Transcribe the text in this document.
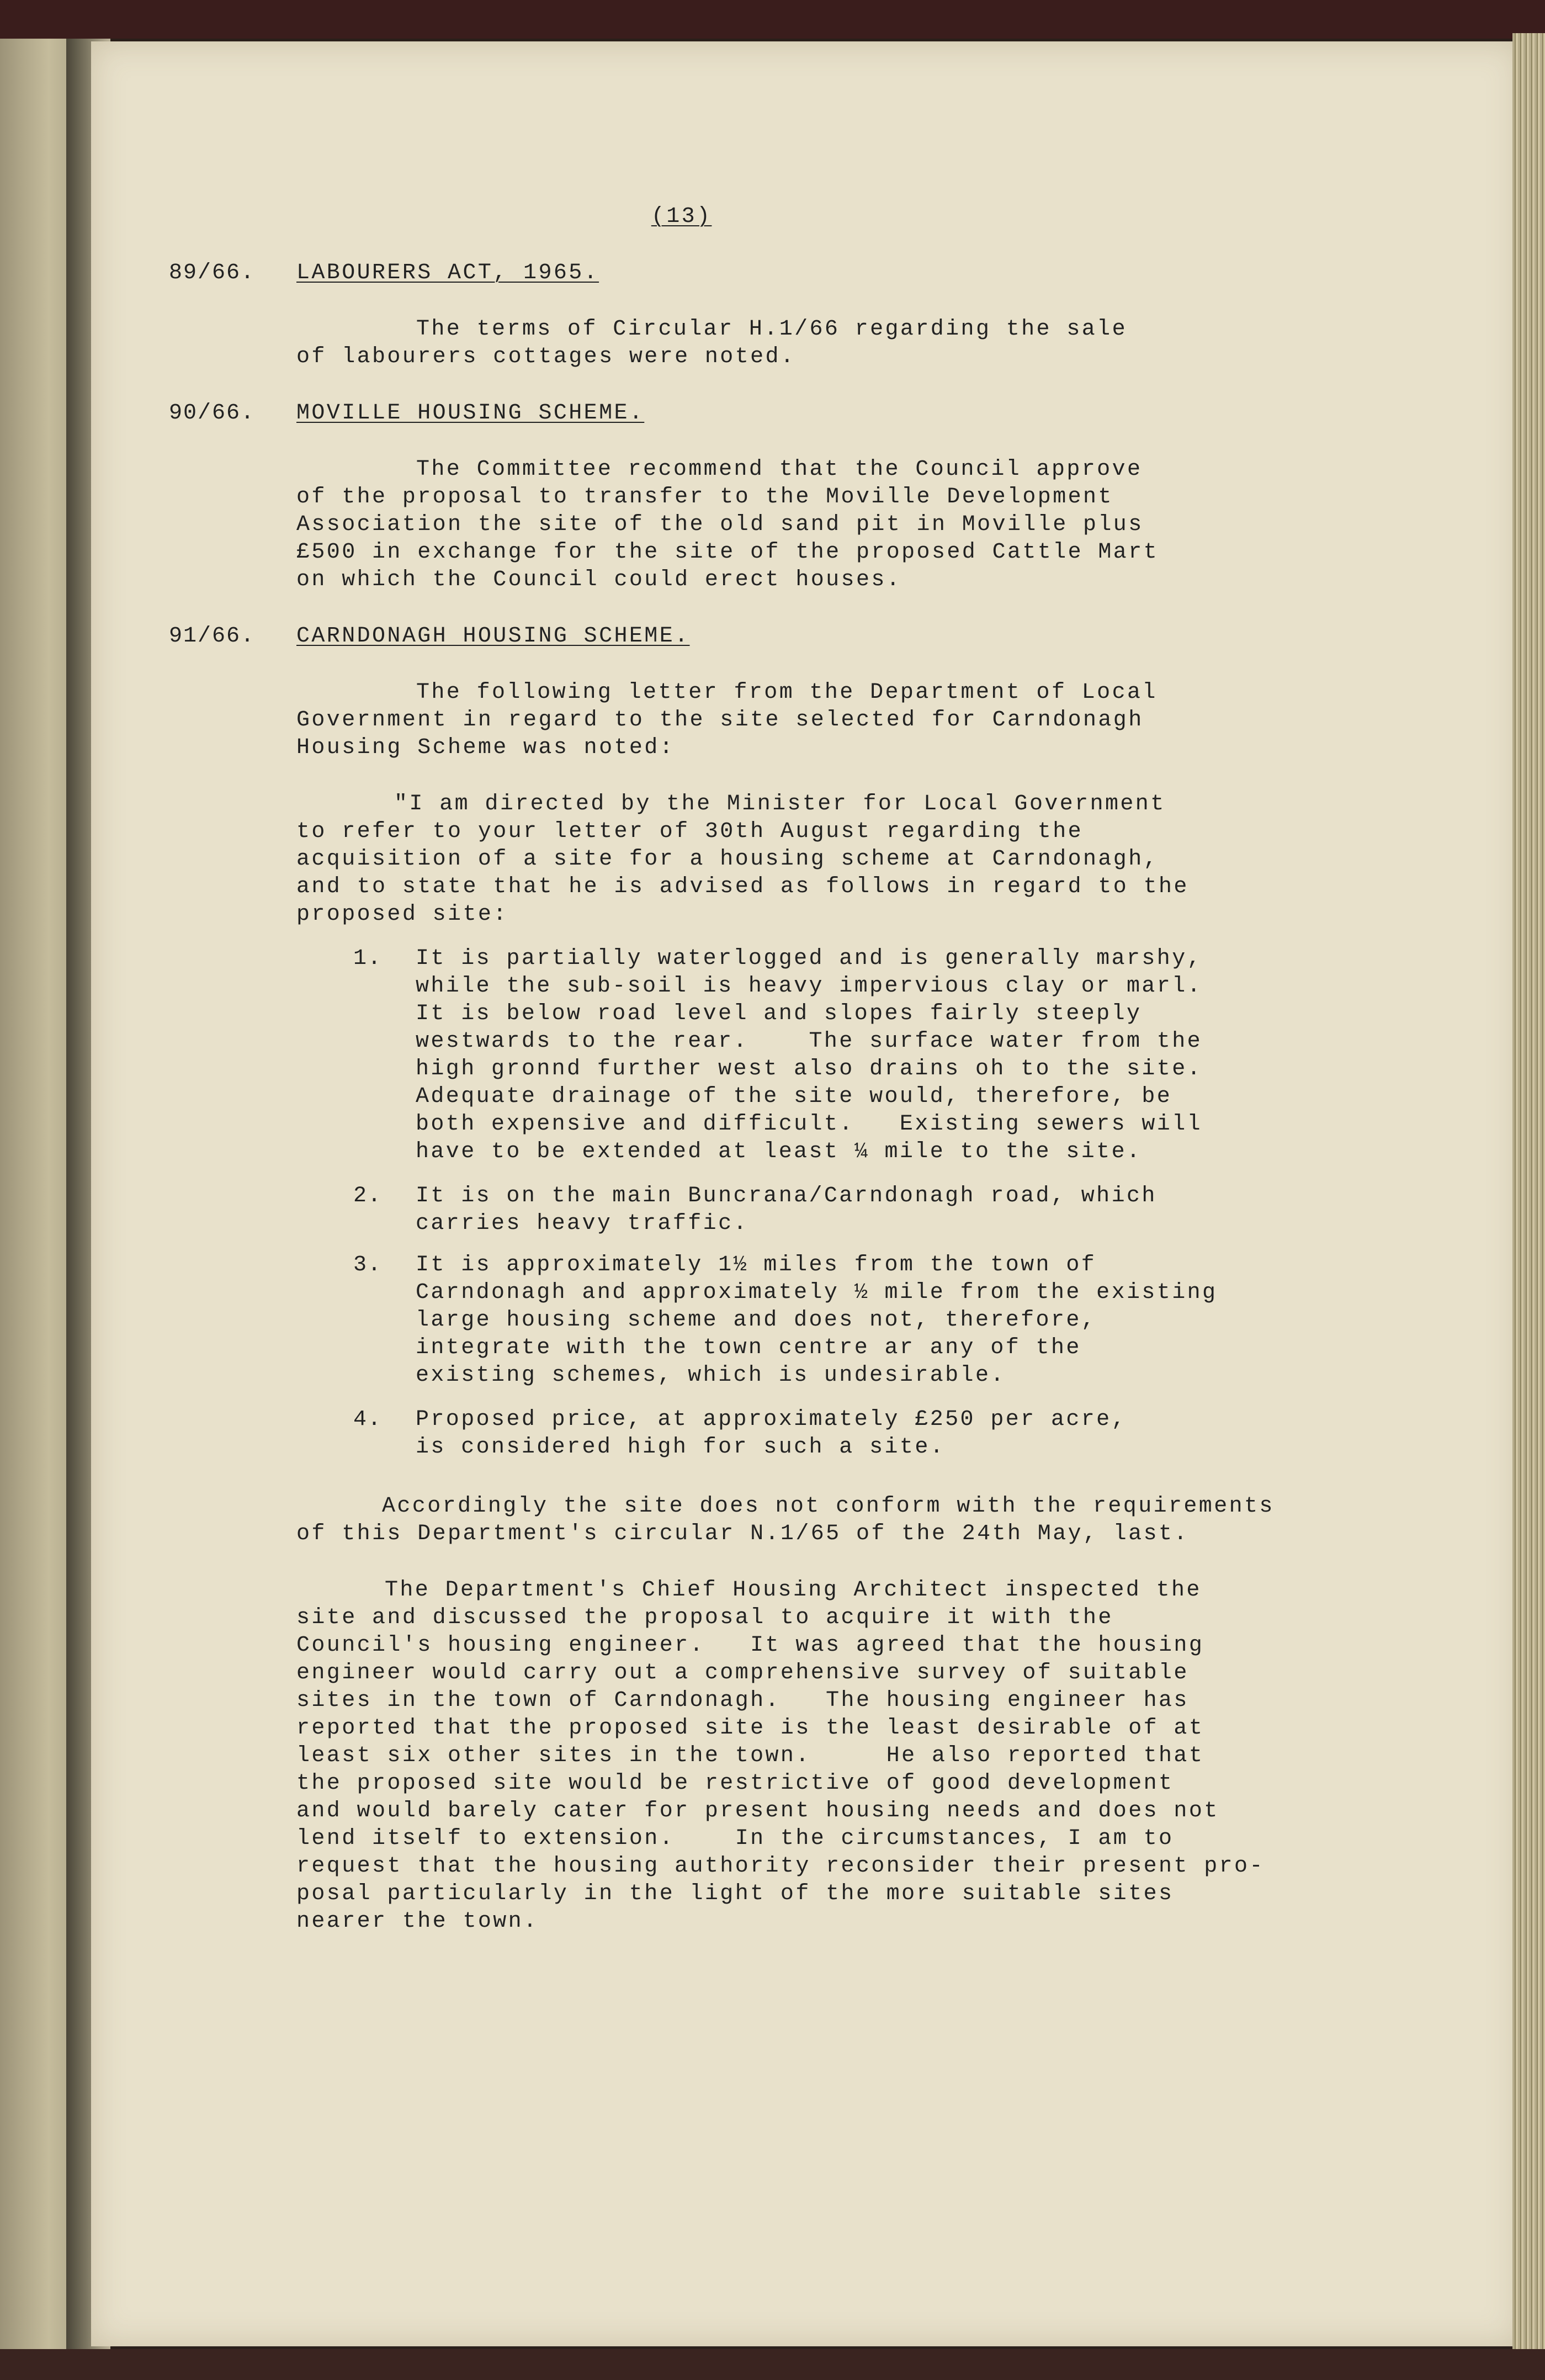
(13)

89/66. LABOURERS ACT, 1965.
The terms of Circular H.1/66 regarding the sale
of labourers cottages were noted.
90/66. MOVILLE HOUSING SCHEME.
The Committee recommend that the Council approve
of the proposal to transfer to the Moville Development
Association the site of the old sand pit in Moville plus
£500 in exchange for the site of the proposed Cattle Mart
on which the Council could erect houses.
91/66. CARNDONAGH HOUSING SCHEME.
The following letter from the Department of Local
Government in regard to the site selected for Carndonagh
Housing Scheme was noted:
"I am directed by the Minister for Local Government
to refer to your letter of 30th August regarding the
acquisition of a site for a housing scheme at Carndonagh,
and to state that he is advised as follows in regard to the
proposed site:
1. It is partially waterlogged and is generally marshy,
while the sub-soil is heavy impervious clay or marl.
It is below road level and slopes fairly steeply
westwards to the rear.    The surface water from the
high gronnd further west also drains oh to the site.
Adequate drainage of the site would, therefore, be
both expensive and difficult.   Existing sewers will
have to be extended at least ¼ mile to the site.
2. It is on the main Buncrana/Carndonagh road, which
carries heavy traffic.
3. It is approximately 1½ miles from the town of
Carndonagh and approximately ½ mile from the existing
large housing scheme and does not, therefore,
integrate with the town centre ar any of the
existing schemes, which is undesirable.
4. Proposed price, at approximately £250 per acre,
is considered high for such a site.
Accordingly the site does not conform with the requirements
of this Department's circular N.1/65 of the 24th May, last.
The Department's Chief Housing Architect inspected the
site and discussed the proposal to acquire it with the
Council's housing engineer.   It was agreed that the housing
engineer would carry out a comprehensive survey of suitable
sites in the town of Carndonagh.   The housing engineer has
reported that the proposed site is the least desirable of at
least six other sites in the town.     He also reported that
the proposed site would be restrictive of good development
and would barely cater for present housing needs and does not
lend itself to extension.    In the circumstances, I am to
request that the housing authority reconsider their present pro-
posal particularly in the light of the more suitable sites
nearer the town.
